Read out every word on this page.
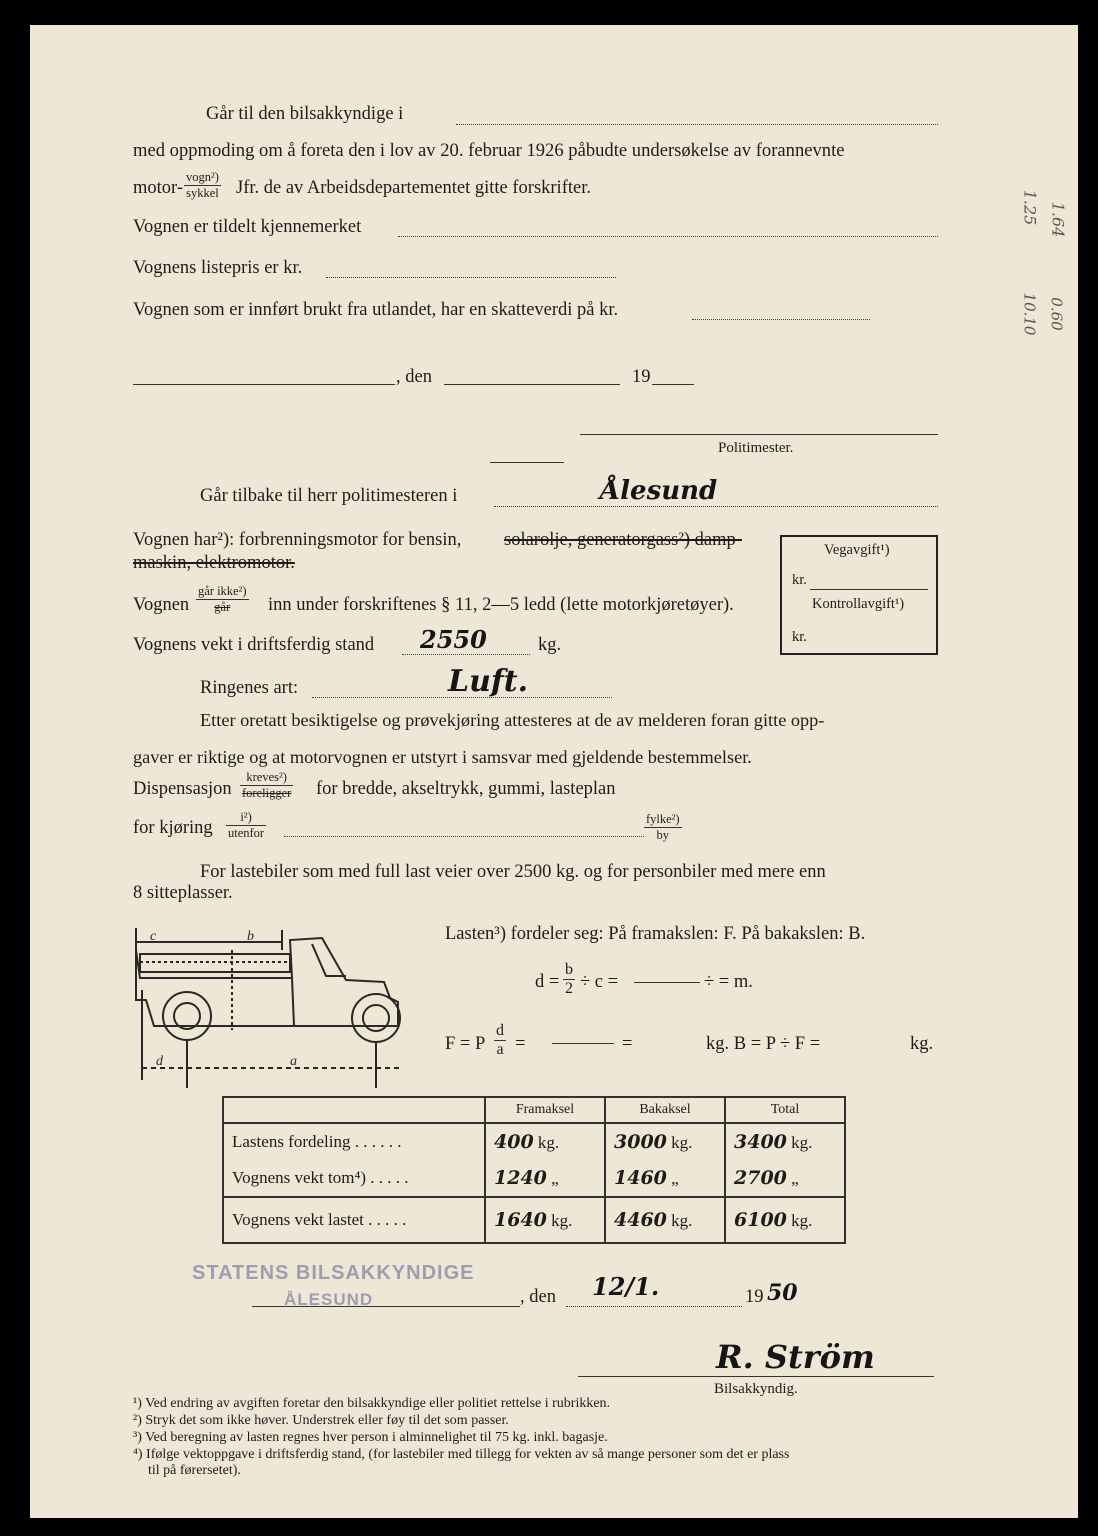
1.25 1.64
10.10 0.60
Går til den bilsakkyndige i
med oppmoding om å foreta den i lov av 20. februar 1926 påbudte undersøkelse av forannevnte
motor-
vogn²)
sykkel Jfr. de av Arbeidsdepartementet gitte forskrifter.
Vognen er tildelt kjennemerket
Vognens listepris er kr.
Vognen som er innført brukt fra utlandet, har en skatteverdi på kr.
, den	19
Politimester.
Går tilbake til herr politimesteren i	Ålesund
Vognen har²): forbrenningsmotor for bensin, solarolje, generatorgass²) damp-
maskin, elektromotor.
Vognen
går ikke²)
går	inn under forskriftenes § 11, 2—5 ledd (lette motorkjøretøyer).
Vognens vekt i driftsferdig stand 2550	kg.
Ringenes art:	Luft.
Vegavgift¹)
kr.
Kontrollavgift¹)
kr.
Etter oretatt besiktigelse og prøvekjøring attesteres at de av melderen foran gitte opp-
gaver er riktige og at motorvognen er utstyrt i samsvar med gjeldende bestemmelser.
Dispensasjon
kreves²)
foreligger for bredde, akseltrykk, gummi, lasteplan
for kjøring
i²)
utenfor
fylke²)
by
For lastebiler som med full last veier over 2500 kg. og for personbiler med mere enn
8 sitteplasser.
c	b
a
d
Lasten³) fordeler seg: På framakslen: F. På bakakslen: B.
$d = \frac{b}{2} \div c$ =	÷ = m.
F = P $\frac{d}{a}$ =	=	kg. B = P ÷ F =	kg.
	Framaksel	Bakaksel	Total
Lastens fordeling . . . . . .	400 kg.	3000 kg.	3400 kg.
Vognens vekt tom⁴) . . . . .	1240 „	1460 „	2700 „
Vognens vekt lastet . . . . .	1640 kg.	4460 kg.	6100 kg.
STATENS BILSAKKYNDIGE
ÅLESUND	, den 12/1.	19 50
R. Ström
Bilsakkyndig.
¹) Ved endring av avgiften foretar den bilsakkyndige eller politiet rettelse i rubrikken.
²) Stryk det som ikke høver. Understrek eller føy til det som passer.
³) Ved beregning av lasten regnes hver person i alminnelighet til 75 kg. inkl. bagasje.
⁴) Ifølge vektoppgave i driftsferdig stand, (for lastebiler med tillegg for vekten av så mange personer som det er plass
til på førersetet).
